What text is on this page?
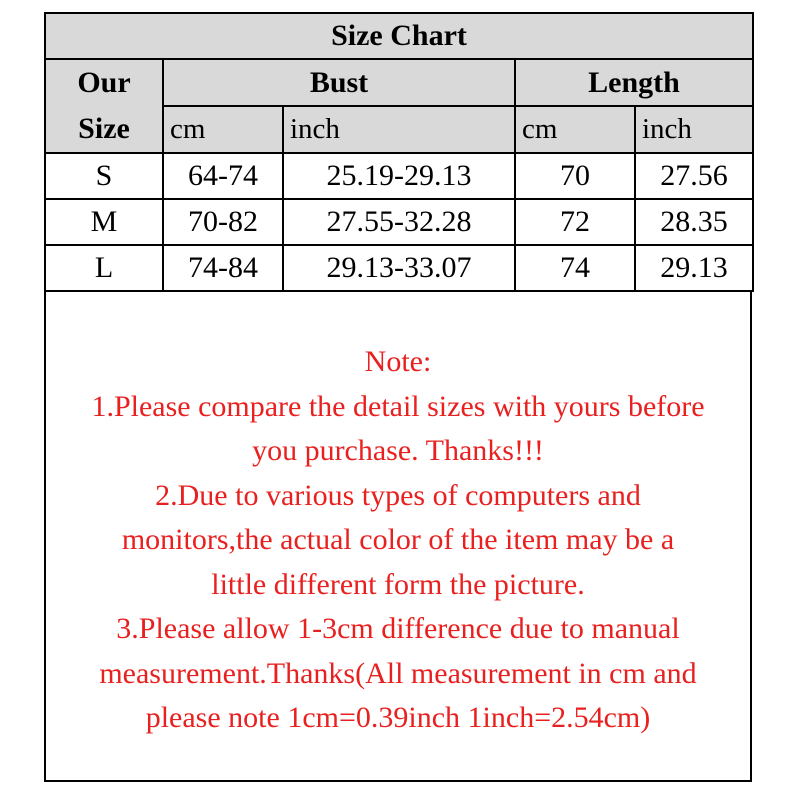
Size Chart				

Our
Size	Bust		Length	
	cm	inch	cm	inch
S	64-74	25.19-29.13	70	27.56
M	70-82	27.55-32.28	72	28.35
L	74-84	29.13-33.07	74	29.13
Note:
1.Please compare the detail sizes with yours before
you purchase. Thanks!!!
2.Due to various types of computers and
monitors,the actual color of the item may be a
little different form the picture.
3.Please allow 1-3cm difference due to manual
measurement.Thanks(All measurement in cm and
please note 1cm=0.39inch 1inch=2.54cm)
